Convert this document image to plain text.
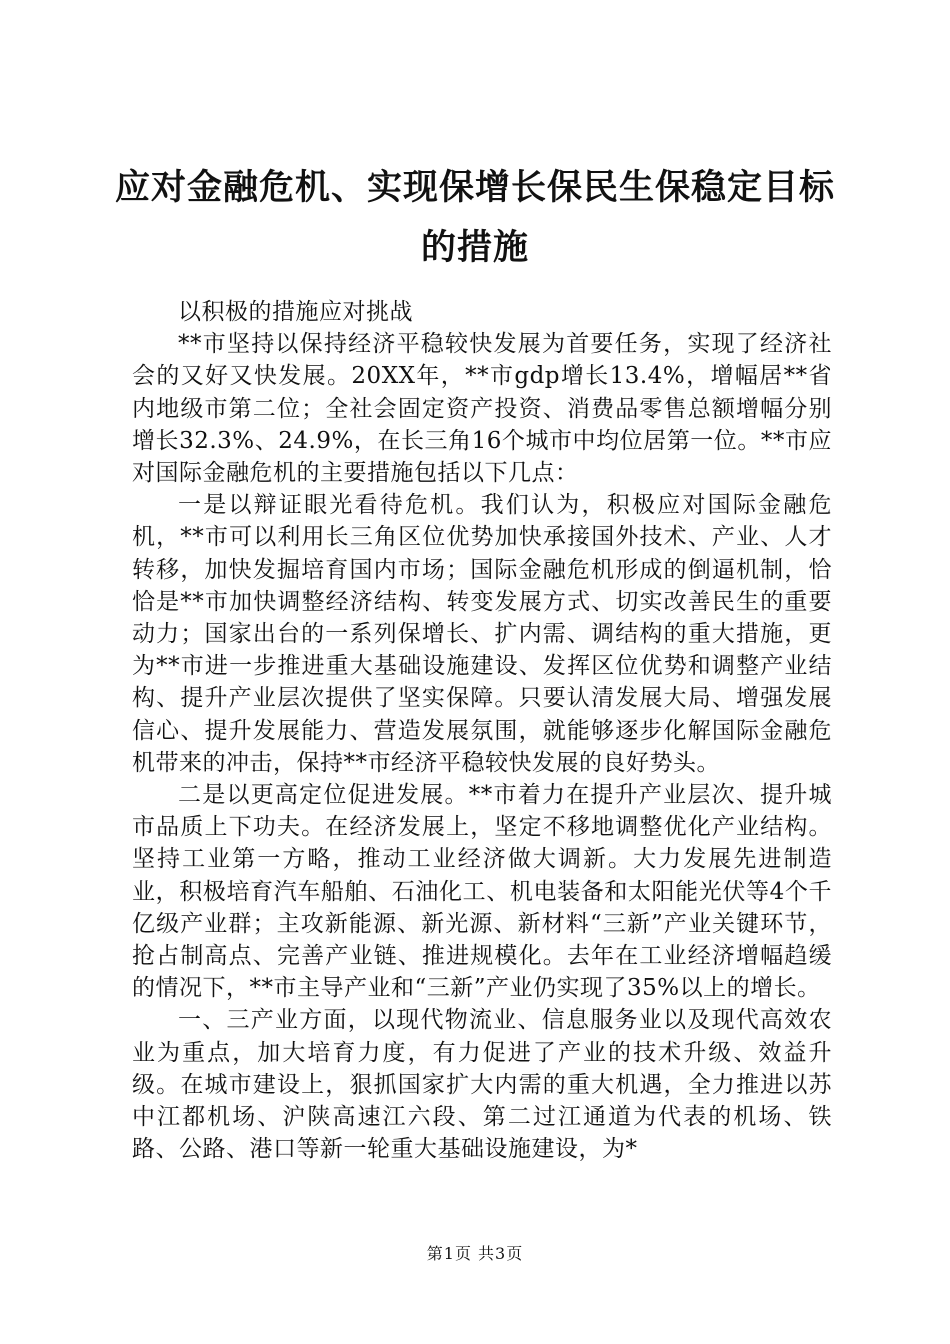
应对金融危机、实现保增长保民生保稳定目标的措施

以积极的措施应对挑战

**市坚持以保持经济平稳较快发展为首要任务，实现了经济社会的又好又快发展。20XX年，**市gdp增长13.4%，增幅居**省内地级市第二位；全社会固定资产投资、消费品零售总额增幅分别增长32.3%、24.9%，在长三角16个城市中均位居第一位。**市应对国际金融危机的主要措施包括以下几点：

一是以辩证眼光看待危机。我们认为，积极应对国际金融危机，**市可以利用长三角区位优势加快承接国外技术、产业、人才转移，加快发掘培育国内市场；国际金融危机形成的倒逼机制，恰恰是**市加快调整经济结构、转变发展方式、切实改善民生的重要动力；国家出台的一系列保增长、扩内需、调结构的重大措施，更为**市进一步推进重大基础设施建设、发挥区位优势和调整产业结构、提升产业层次提供了坚实保障。只要认清发展大局、增强发展信心、提升发展能力、营造发展氛围，就能够逐步化解国际金融危机带来的冲击，保持**市经济平稳较快发展的良好势头。

二是以更高定位促进发展。**市着力在提升产业层次、提升城市品质上下功夫。在经济发展上，坚定不移地调整优化产业结构。坚持工业第一方略，推动工业经济做大调新。大力发展先进制造业，积极培育汽车船舶、石油化工、机电装备和太阳能光伏等4个千亿级产业群；主攻新能源、新光源、新材料“三新”产业关键环节，抢占制高点、完善产业链、推进规模化。去年在工业经济增幅趋缓的情况下，**市主导产业和“三新”产业仍实现了35%以上的增长。

一、三产业方面，以现代物流业、信息服务业以及现代高效农业为重点，加大培育力度，有力促进了产业的技术升级、效益升级。在城市建设上，狠抓国家扩大内需的重大机遇，全力推进以苏中江都机场、沪陕高速江六段、第二过江通道为代表的机场、铁路、公路、港口等新一轮重大基础设施建设，为*

第1页 共3页
